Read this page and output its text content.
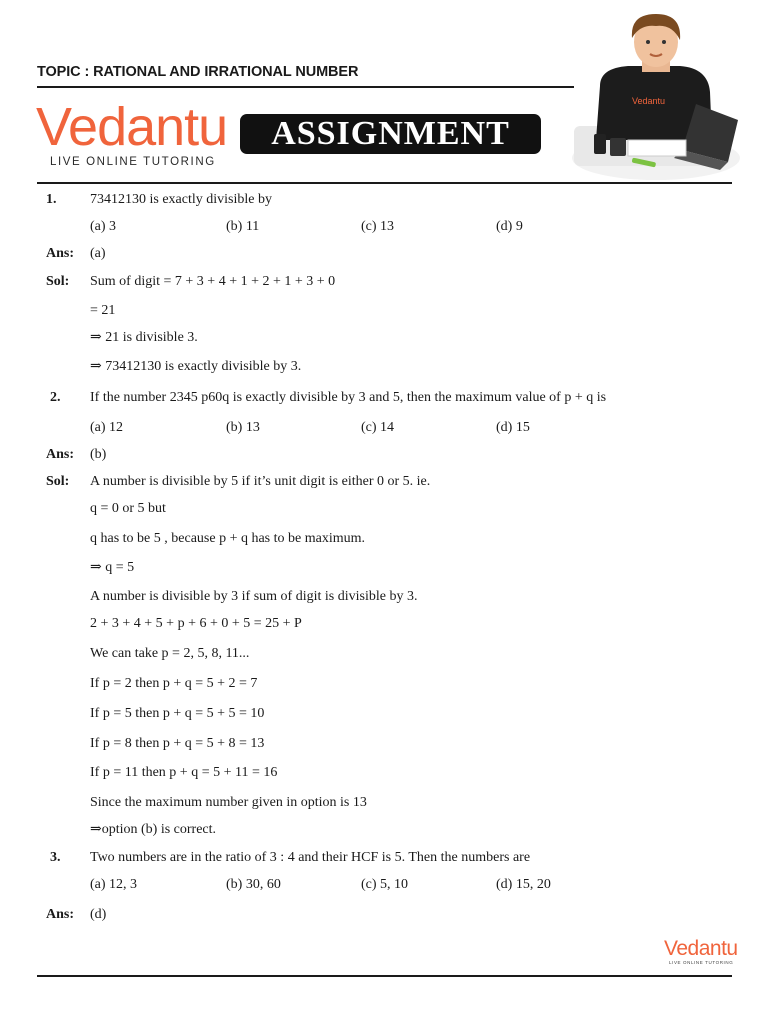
TOPIC : RATIONAL AND IRRATIONAL NUMBER
Vedantu
LIVE ONLINE TUTORING
ASSIGNMENT
Vedantu
1. 73412130 is exactly divisible by
(a) 3	(b) 11	(c) 13	(d) 9
Ans: (a)
Sol: Sum of digit = 7 + 3 + 4 + 1 + 2 + 1 + 3 + 0
= 21
⇒ 21 is divisible 3.
⇒ 73412130 is exactly divisible by 3.
2. If the number 2345 p60q is exactly divisible by 3 and 5, then the maximum value of p + q is
(a) 12	(b) 13	(c) 14	(d) 15
Ans: (b)
Sol: A number is divisible by 5 if it’s unit digit is either 0 or 5. ie.
q = 0 or 5 but
q has to be 5 , because p + q has to be maximum.
⇒ q = 5
A number is divisible by 3 if sum of digit is divisible by 3.
2 + 3 + 4 + 5 + p + 6 + 0 + 5 = 25 + P
We can take p = 2, 5, 8, 11...
If p = 2 then p + q = 5 + 2 = 7
If p = 5 then p + q = 5 + 5 = 10
If p = 8 then p + q = 5 + 8 = 13
If p = 11 then p + q = 5 + 11 = 16
Since the maximum number given in option is 13
⇒option (b) is correct.
3. Two numbers are in the ratio of 3 : 4 and their HCF is 5. Then the numbers are
(a) 12, 3	(b) 30, 60	(c) 5, 10	(d) 15, 20
Ans: (d)
Vedantu
LIVE ONLINE TUTORING
